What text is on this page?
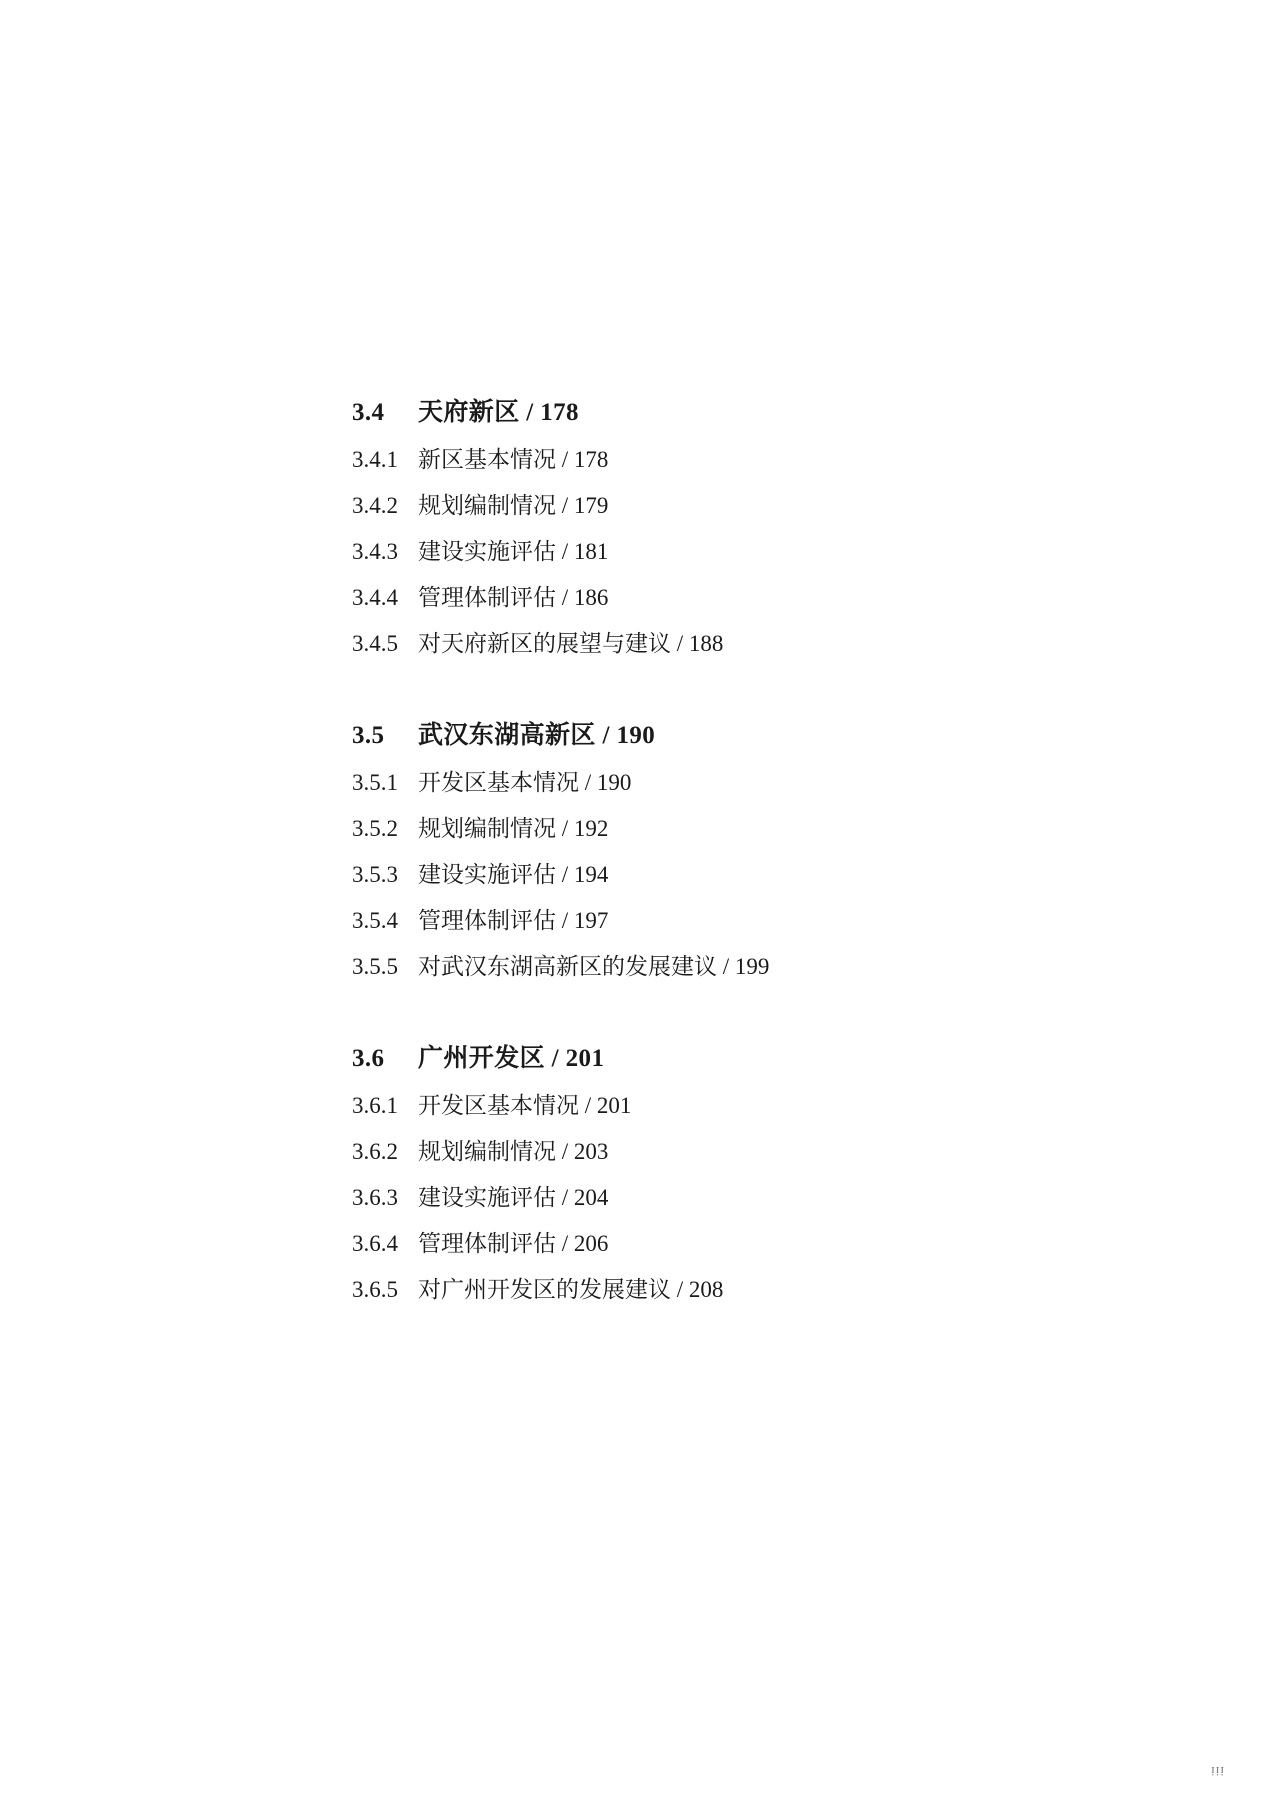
3.4 天府新区 / 178
3.4.1 新区基本情况 / 178
3.4.2 规划编制情况 / 179
3.4.3 建设实施评估 / 181
3.4.4 管理体制评估 / 186
3.4.5 对天府新区的展望与建议 / 188
3.5 武汉东湖高新区 / 190
3.5.1 开发区基本情况 / 190
3.5.2 规划编制情况 / 192
3.5.3 建设实施评估 / 194
3.5.4 管理体制评估 / 197
3.5.5 对武汉东湖高新区的发展建议 / 199
3.6 广州开发区 / 201
3.6.1 开发区基本情况 / 201
3.6.2 规划编制情况 / 203
3.6.3 建设实施评估 / 204
3.6.4 管理体制评估 / 206
3.6.5 对广州开发区的发展建议 / 208
iii
